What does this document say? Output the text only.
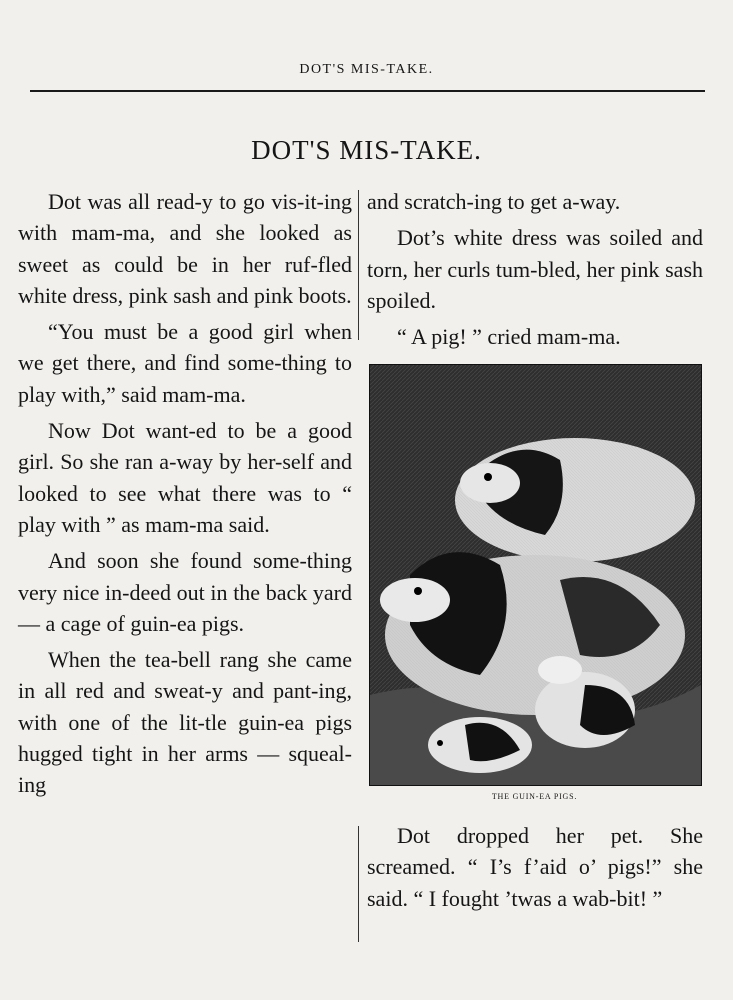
DOT'S MIS-TAKE.
DOT'S MIS-TAKE.

Dot was all read-y to go vis-it-ing with mam-ma, and she looked as sweet as could be in her ruf-fled white dress, pink sash and pink boots.

“You must be a good girl when we get there, and find some-thing to play with,” said mam-ma.

Now Dot want-ed to be a good girl. So she ran a-way by her-self and looked to see what there was to “ play with ” as mam-ma said.

And soon she found some-thing very nice in-deed out in the back yard — a cage of guin-ea pigs.

When the tea-bell rang she came in all red and sweat-y and pant-ing, with one of the lit-tle guin-ea pigs hugged tight in her arms — squeal-ing

and scratch-ing to get a-way.

Dot’s white dress was soiled and torn, her curls tum-bled, her pink sash spoiled.

“ A pig! ” cried mam-ma.

THE GUIN-EA PIGS.

Dot dropped her pet. She screamed. “ I’s f’aid o’ pigs!” she said. “ I fought ’twas a wab-bit! ”
